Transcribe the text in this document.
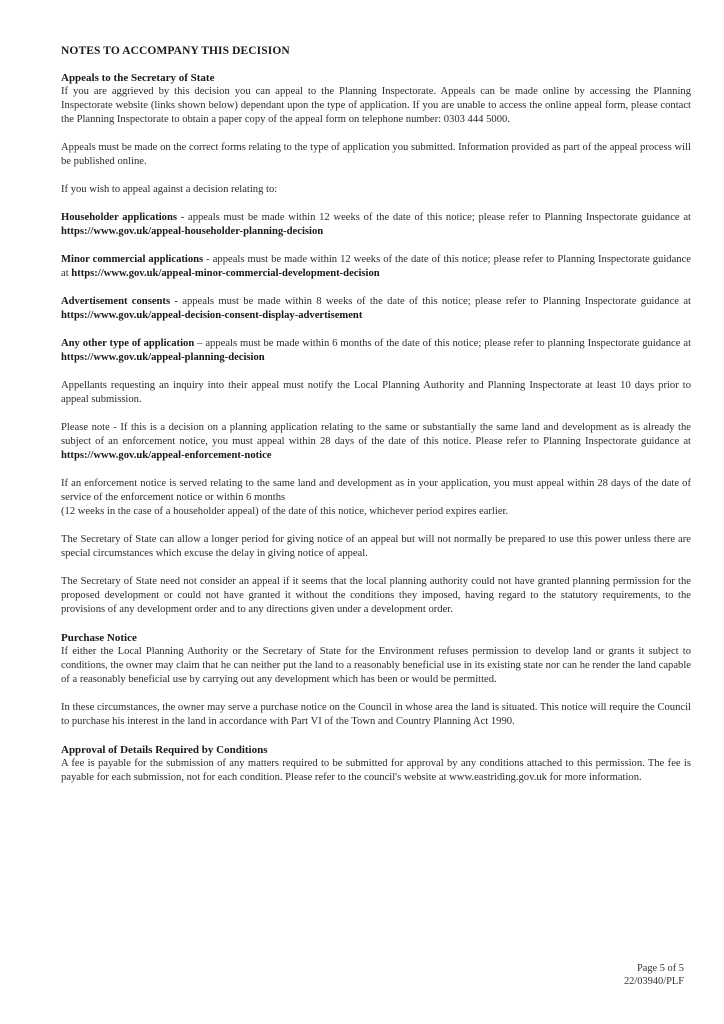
NOTES TO ACCOMPANY THIS DECISION
Appeals to the Secretary of State

If you are aggrieved by this decision you can appeal to the Planning Inspectorate. Appeals can be made online by accessing the Planning Inspectorate website (links shown below) dependant upon the type of application. If you are unable to access the online appeal form, please contact the Planning Inspectorate to obtain a paper copy of the appeal form on telephone number: 0303 444 5000.

Appeals must be made on the correct forms relating to the type of application you submitted. Information provided as part of the appeal process will be published online.

If you wish to appeal against a decision relating to:

Householder applications - appeals must be made within 12 weeks of the date of this notice; please refer to Planning Inspectorate guidance at https://www.gov.uk/appeal-householder-planning-decision

Minor commercial applications - appeals must be made within 12 weeks of the date of this notice; please refer to Planning Inspectorate guidance at https://www.gov.uk/appeal-minor-commercial-development-decision

Advertisement consents - appeals must be made within 8 weeks of the date of this notice; please refer to Planning Inspectorate guidance at https://www.gov.uk/appeal-decision-consent-display-advertisement

Any other type of application – appeals must be made within 6 months of the date of this notice; please refer to planning Inspectorate guidance at https://www.gov.uk/appeal-planning-decision

Appellants requesting an inquiry into their appeal must notify the Local Planning Authority and Planning Inspectorate at least 10 days prior to appeal submission.

Please note - If this is a decision on a planning application relating to the same or substantially the same land and development as is already the subject of an enforcement notice, you must appeal within 28 days of the date of this notice. Please refer to Planning Inspectorate guidance at https://www.gov.uk/appeal-enforcement-notice

If an enforcement notice is served relating to the same land and development as in your application, you must appeal within 28 days of the date of service of the enforcement notice or within 6 months
(12 weeks in the case of a householder appeal) of the date of this notice, whichever period expires earlier.

The Secretary of State can allow a longer period for giving notice of an appeal but will not normally be prepared to use this power unless there are special circumstances which excuse the delay in giving notice of appeal.

The Secretary of State need not consider an appeal if it seems that the local planning authority could not have granted planning permission for the proposed development or could not have granted it without the conditions they imposed, having regard to the statutory requirements, to the provisions of any development order and to any directions given under a development order.

Purchase Notice

If either the Local Planning Authority or the Secretary of State for the Environment refuses permission to develop land or grants it subject to conditions, the owner may claim that he can neither put the land to a reasonably beneficial use in its existing state nor can he render the land capable of a reasonably beneficial use by carrying out any development which has been or would be permitted.

In these circumstances, the owner may serve a purchase notice on the Council in whose area the land is situated. This notice will require the Council to purchase his interest in the land in accordance with Part VI of the Town and Country Planning Act 1990.

Approval of Details Required by Conditions

A fee is payable for the submission of any matters required to be submitted for approval by any conditions attached to this permission. The fee is payable for each submission, not for each condition. Please refer to the council's website at www.eastriding.gov.uk for more information.

Page 5 of 5
22/03940/PLF
